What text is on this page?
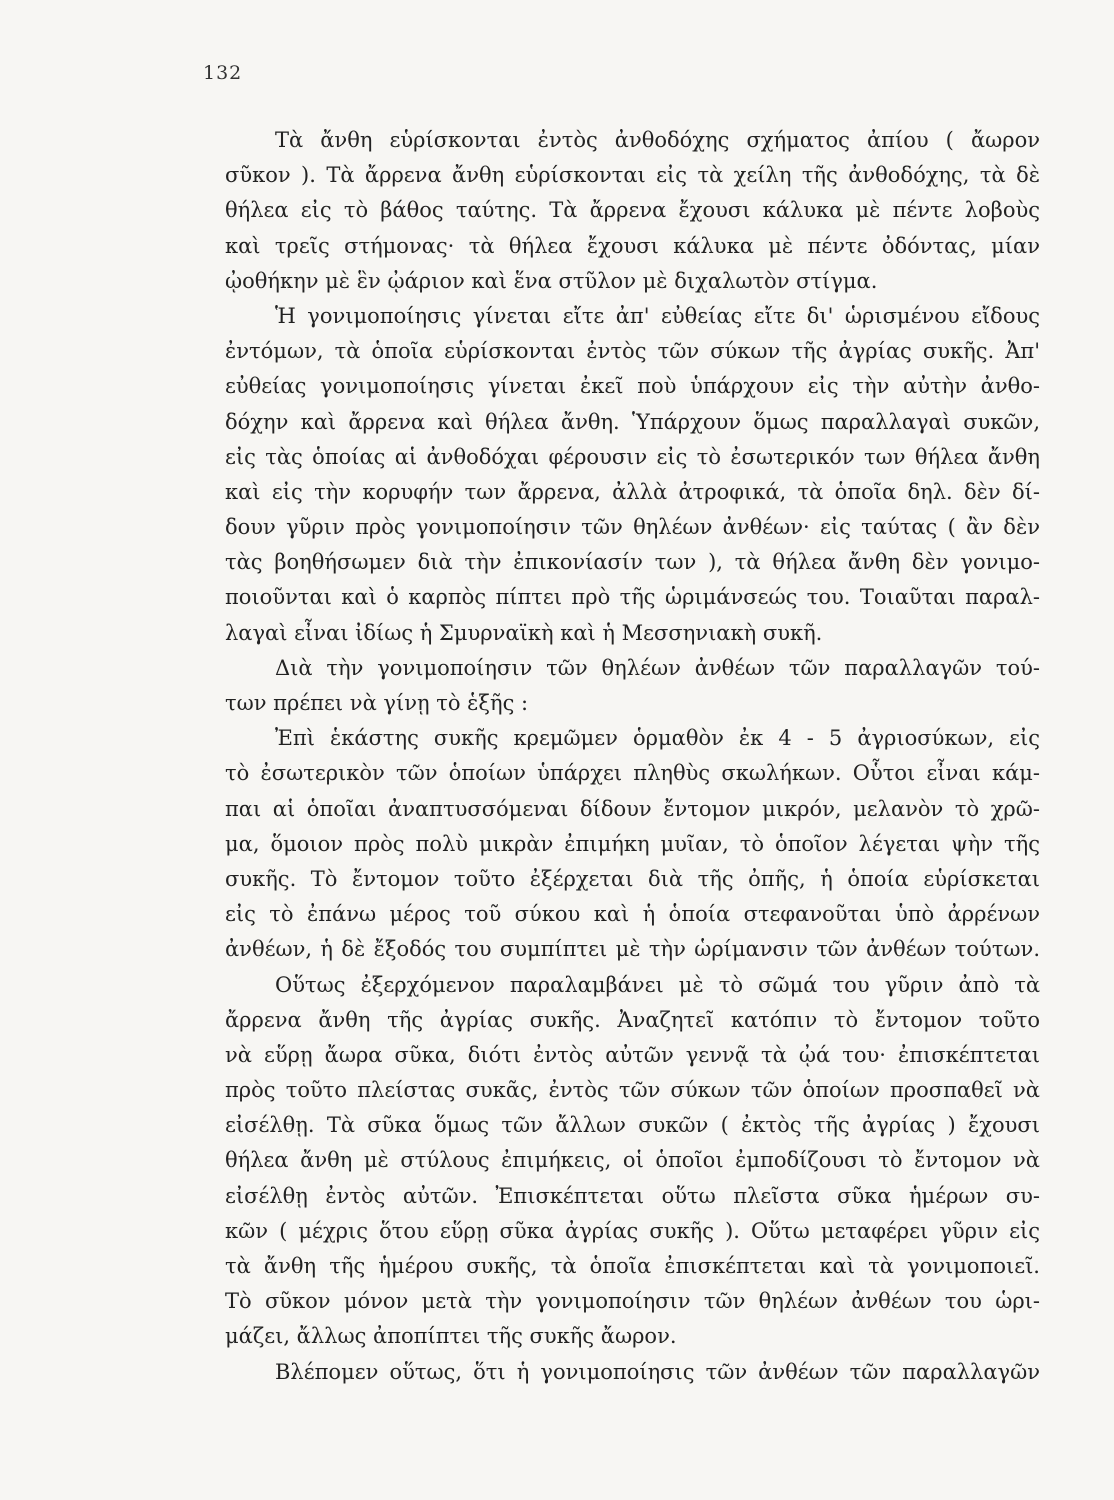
132
Τὰ ἄνθη εὑρίσκονται ἐντὸς ἀνθοδόχης σχήματος ἀπίου ( ἄωρον
σῦκον ). Τὰ ἄρρενα ἄνθη εὑρίσκονται εἰς τὰ χείλη τῆς ἀνθοδόχης, τὰ δὲ
θήλεα εἰς τὸ βάθος ταύτης. Τὰ ἄρρενα ἔχουσι κάλυκα μὲ πέντε λοβοὺς
καὶ τρεῖς στήμονας· τὰ θήλεα ἔχουσι κάλυκα μὲ πέντε ὀδόντας, μίαν
ᾠοθήκην μὲ ἓν ᾠάριον καὶ ἕνα στῦλον μὲ διχαλωτὸν στίγμα.
Ἡ γονιμοποίησις γίνεται εἴτε ἀπ' εὐθείας εἴτε δι' ὡρισμένου εἴδους
ἐντόμων, τὰ ὁποῖα εὑρίσκονται ἐντὸς τῶν σύκων τῆς ἀγρίας συκῆς. Ἀπ'
εὐθείας γονιμοποίησις γίνεται ἐκεῖ ποὺ ὑπάρχουν εἰς τὴν αὐτὴν ἀνθο-
δόχην καὶ ἄρρενα καὶ θήλεα ἄνθη. Ὑπάρχουν ὅμως παραλλαγαὶ συκῶν,
εἰς τὰς ὁποίας αἱ ἀνθοδόχαι φέρουσιν εἰς τὸ ἐσωτερικόν των θήλεα ἄνθη
καὶ εἰς τὴν κορυφήν των ἄρρενα, ἀλλὰ ἀτροφικά, τὰ ὁποῖα δηλ. δὲν δί-
δουν γῦριν πρὸς γονιμοποίησιν τῶν θηλέων ἀνθέων· εἰς ταύτας ( ἂν δὲν
τὰς βοηθήσωμεν διὰ τὴν ἐπικονίασίν των ), τὰ θήλεα ἄνθη δὲν γονιμο-
ποιοῦνται καὶ ὁ καρπὸς πίπτει πρὸ τῆς ὡριμάνσεώς του. Τοιαῦται παραλ-
λαγαὶ εἶναι ἰδίως ἡ Σμυρναϊκὴ καὶ ἡ Μεσσηνιακὴ συκῆ.
Διὰ τὴν γονιμοποίησιν τῶν θηλέων ἀνθέων τῶν παραλλαγῶν τού-
των πρέπει νὰ γίνῃ τὸ ἑξῆς :
Ἐπὶ ἑκάστης συκῆς κρεμῶμεν ὁρμαθὸν ἐκ 4 - 5 ἀγριοσύκων, εἰς
τὸ ἐσωτερικὸν τῶν ὁποίων ὑπάρχει πληθὺς σκωλήκων. Οὗτοι εἶναι κάμ-
παι αἱ ὁποῖαι ἀναπτυσσόμεναι δίδουν ἔντομον μικρόν, μελανὸν τὸ χρῶ-
μα, ὅμοιον πρὸς πολὺ μικρὰν ἐπιμήκη μυῖαν, τὸ ὁποῖον λέγεται ψὴν τῆς
συκῆς. Τὸ ἔντομον τοῦτο ἐξέρχεται διὰ τῆς ὀπῆς, ἡ ὁποία εὑρίσκεται
εἰς τὸ ἐπάνω μέρος τοῦ σύκου καὶ ἡ ὁποία στεφανοῦται ὑπὸ ἀρρένων
ἀνθέων, ἡ δὲ ἔξοδός του συμπίπτει μὲ τὴν ὡρίμανσιν τῶν ἀνθέων τούτων.
Οὕτως ἐξερχόμενον παραλαμβάνει μὲ τὸ σῶμά του γῦριν ἀπὸ τὰ
ἄρρενα ἄνθη τῆς ἀγρίας συκῆς. Ἀναζητεῖ κατόπιν τὸ ἔντομον τοῦτο
νὰ εὕρῃ ἄωρα σῦκα, διότι ἐντὸς αὐτῶν γεννᾷ τὰ ᾠά του· ἐπισκέπτεται
πρὸς τοῦτο πλείστας συκᾶς, ἐντὸς τῶν σύκων τῶν ὁποίων προσπαθεῖ νὰ
εἰσέλθῃ. Τὰ σῦκα ὅμως τῶν ἄλλων συκῶν ( ἐκτὸς τῆς ἀγρίας ) ἔχουσι
θήλεα ἄνθη μὲ στύλους ἐπιμήκεις, οἱ ὁποῖοι ἐμποδίζουσι τὸ ἔντομον νὰ
εἰσέλθῃ ἐντὸς αὐτῶν. Ἐπισκέπτεται οὕτω πλεῖστα σῦκα ἡμέρων συ-
κῶν ( μέχρις ὅτου εὕρῃ σῦκα ἀγρίας συκῆς ). Οὕτω μεταφέρει γῦριν εἰς
τὰ ἄνθη τῆς ἡμέρου συκῆς, τὰ ὁποῖα ἐπισκέπτεται καὶ τὰ γονιμοποιεῖ.
Τὸ σῦκον μόνον μετὰ τὴν γονιμοποίησιν τῶν θηλέων ἀνθέων του ὡρι-
μάζει, ἄλλως ἀποπίπτει τῆς συκῆς ἄωρον.
Βλέπομεν οὕτως, ὅτι ἡ γονιμοποίησις τῶν ἀνθέων τῶν παραλλαγῶν
